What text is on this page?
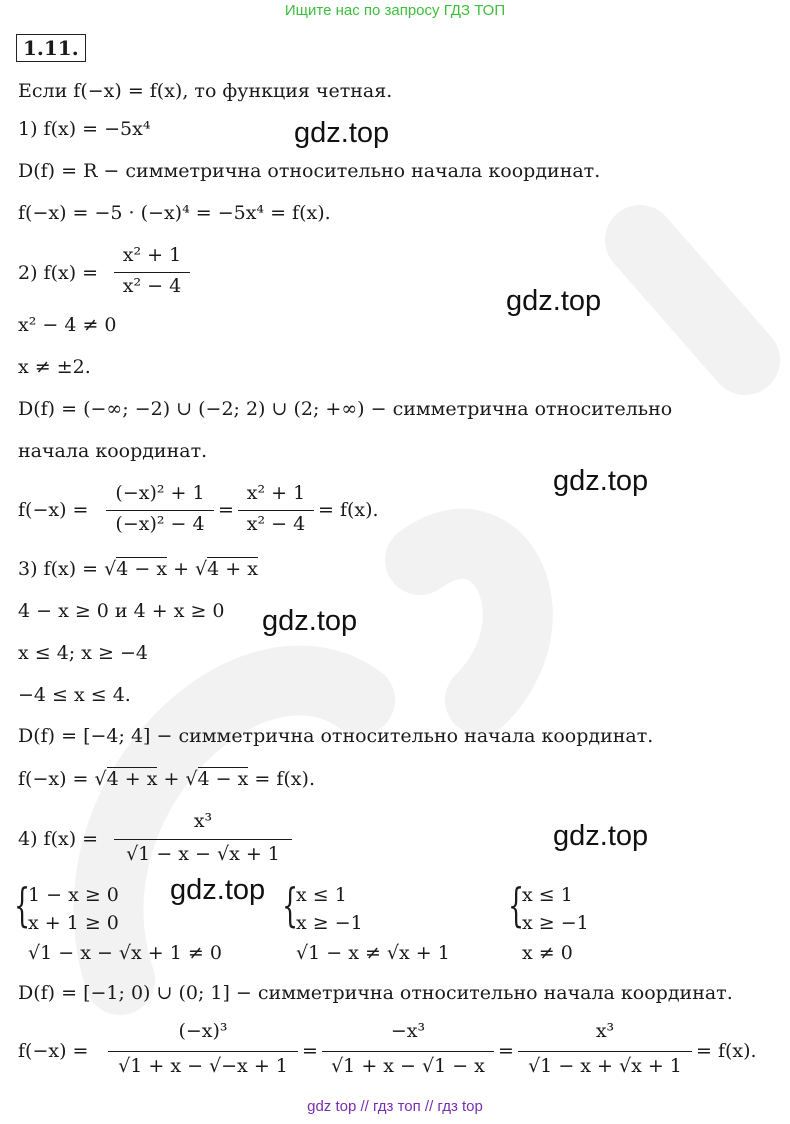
Ищите нас по запросу ГДЗ ТОП
1.11.
Если f(−x) = f(x), то функция четная.
1) f(x) = −5x⁴	gdz.top
D(f) = R − симметрична относительно начала координат.
f(−x) = −5 · (−x)⁴ = −5x⁴ = f(x).
2) f(x) =
x² + 1
x² − 4	gdz.top
x² − 4 ≠ 0
x ≠ ±2.
D(f) = (−∞; −2) ∪ (−2; 2) ∪ (2; +∞) − симметрична относительно
начала координат.
gdz.top
f(−x) =
(−x)² + 1
(−x)² − 4
=
x² + 1
x² − 4
= f(x).
3) f(x) = √4 − x + √4 + x
4 − x ≥ 0 и 4 + x ≥ 0 gdz.top
x ≤ 4; x ≥ −4
−4 ≤ x ≤ 4.
D(f) = [−4; 4] − симметрична относительно начала координат.
f(−x) = √4 + x + √4 − x = f(x).
4) f(x) =
x³
√1 − x − √x + 1
gdz.top
{
1 − x ≥ 0
x + 1 ≥ 0
√1 − x − √x + 1 ≠ 0
gdz.top {
x ≤ 1
x ≥ −1
√1 − x ≠ √x + 1
{
x ≤ 1
x ≥ −1
x ≠ 0
D(f) = [−1; 0) ∪ (0; 1] − симметрична относительно начала координат.
f(−x) =
(−x)³
√1 + x − √−x + 1
=
−x³
√1 + x − √1 − x
=
x³
√1 − x + √x + 1
= f(x).
gdz top // гдз топ // гдз top
